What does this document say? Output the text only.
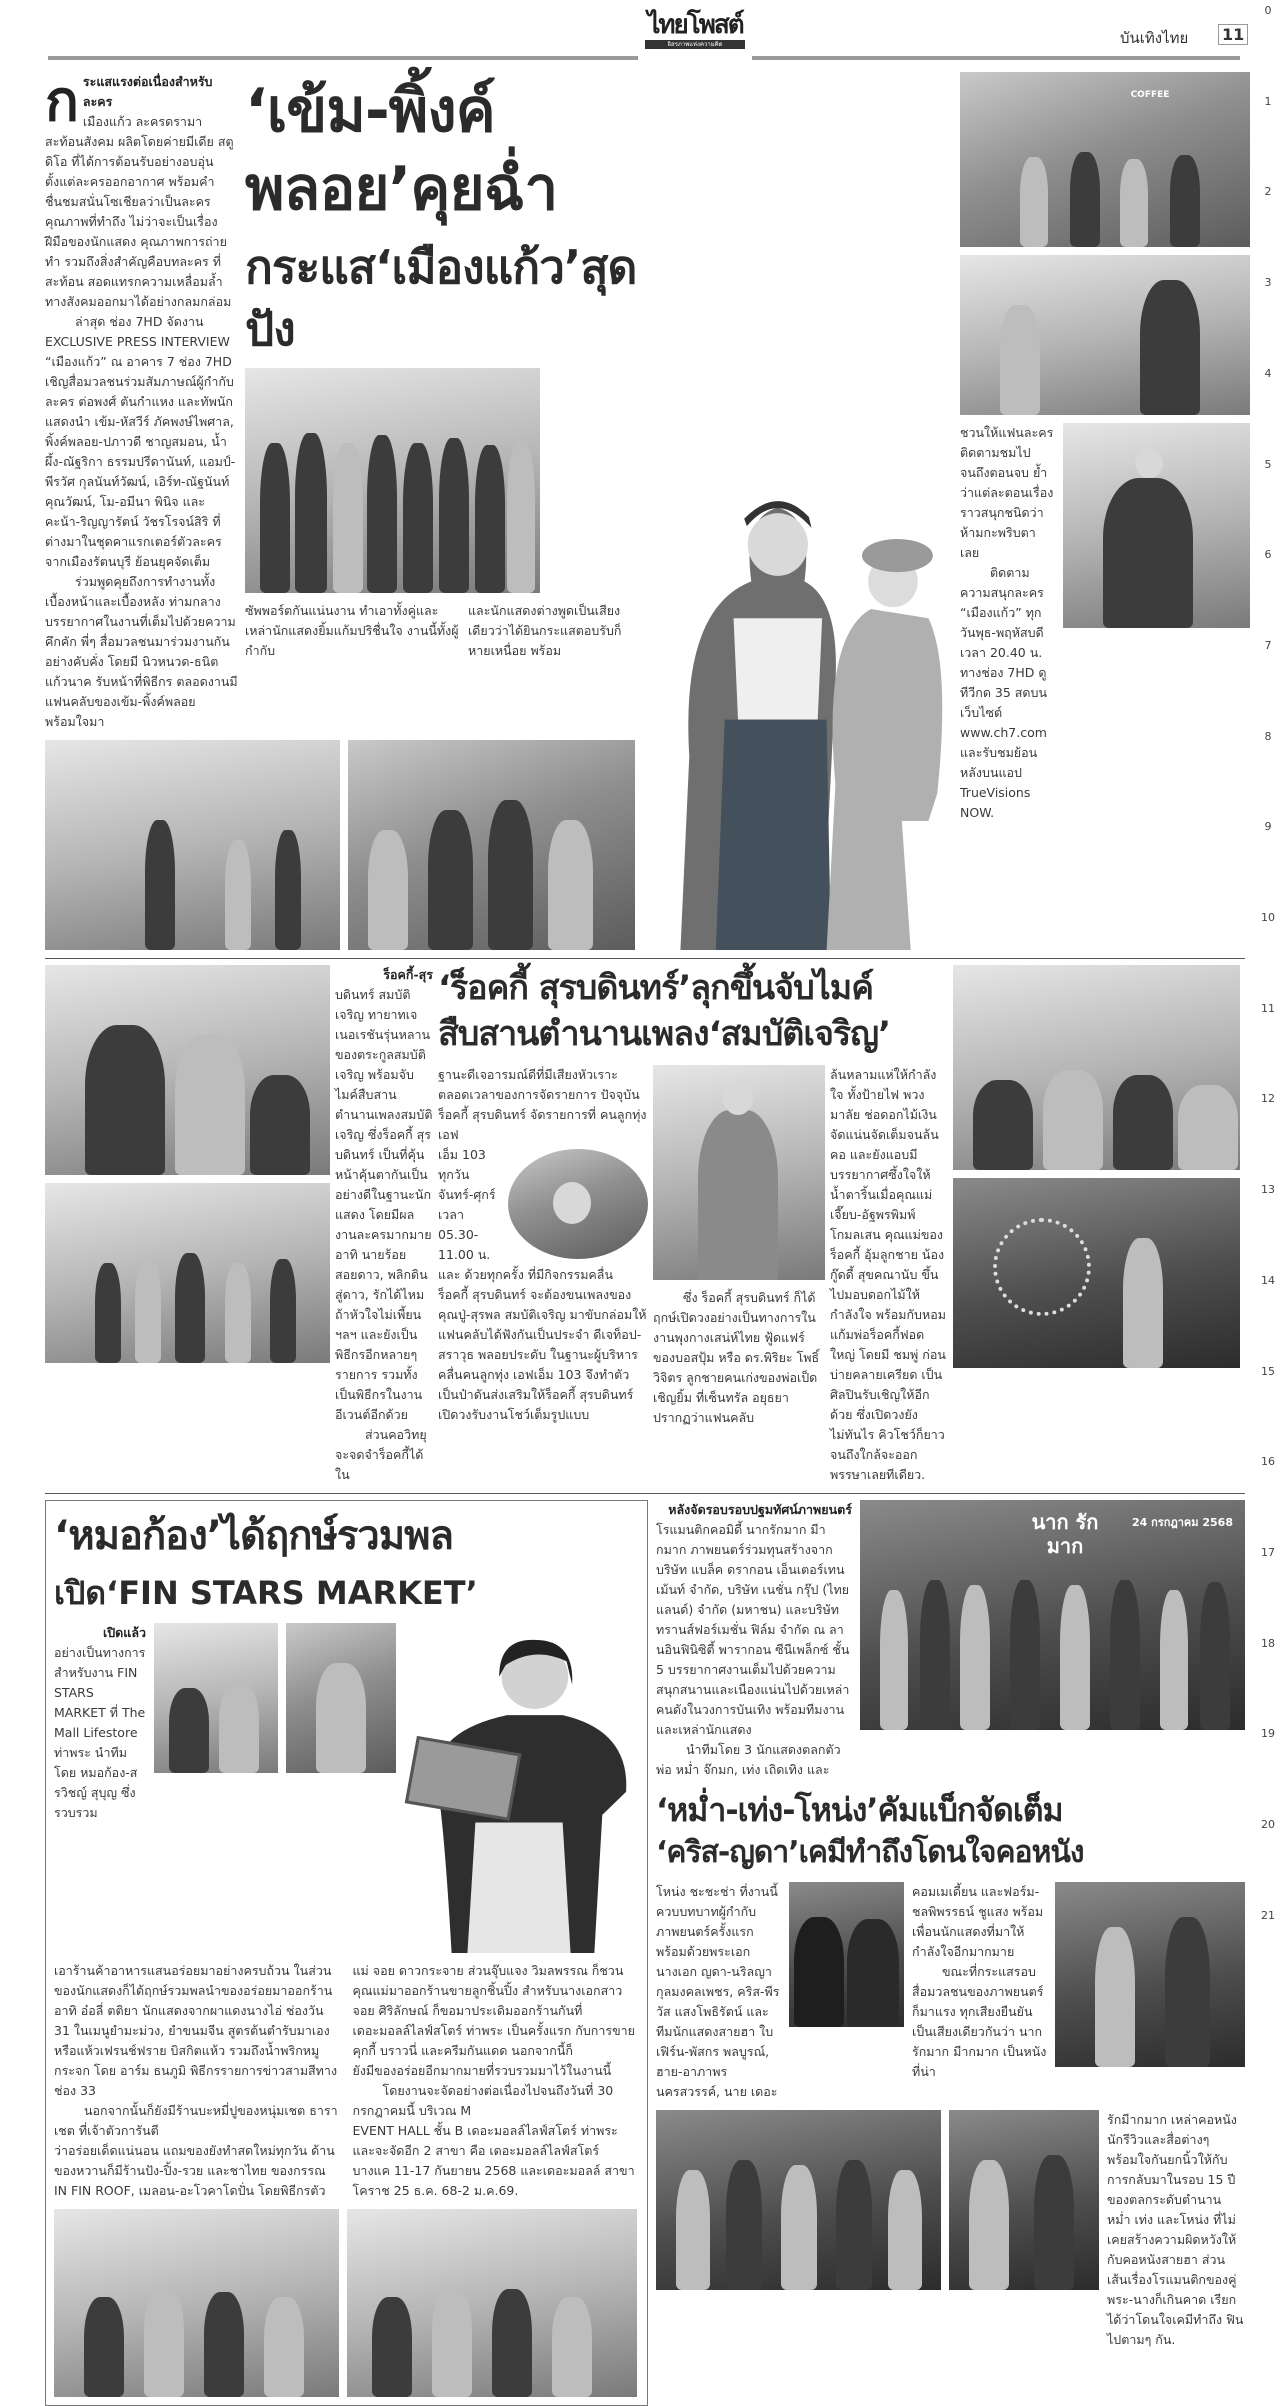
ไทยโพสต์
อิสรภาพแห่งความคิด	บันเทิงไทย 11
0
1
2
3
4
5
6
7
8
9
10
11
12
13
14
15
16
17
18
19
20
21
ก ระแสแรงต่อเนื่องสำหรับละคร

เมืองแก้ว ละครดรามาสะท้อนสังคม ผลิตโดยค่ายมีเดีย สตูดิโอ ที่ได้การต้อนรับอย่างอบอุ่นตั้งแต่ละครออกอากาศ พร้อมคำชื่นชมสนั่นโซเชียลว่าเป็นละครคุณภาพที่ทำถึง ไม่ว่าจะเป็นเรื่องฝีมือของนักแสดง คุณภาพการถ่ายทำ รวมถึงสิ่งสำคัญคือบทละคร ที่สะท้อน สอดแทรกความเหลื่อมล้ำทางสังคมออกมาได้อย่างกลมกล่อม

ล่าสุด ช่อง 7HD จัดงาน EXCLUSIVE PRESS INTERVIEW “เมืองแก้ว” ณ อาคาร 7 ช่อง 7HD เชิญสื่อมวลชนร่วมสัมภาษณ์ผู้กำกับละคร ต่อพงศ์ ตันกำแหง และทัพนักแสดงนำ เข้ม-หัสวีร์ ภัคพงษ์ไพศาล, พิ้งค์พลอย-ปภาวดี ชาญสมอน, น้ำผึ้ง-ณัฐริกา ธรรมปรีดานันท์, แอมป์-พีรวัศ กุลนันท์วัฒน์, เอิร์ท-ณัฐนันท์ คุณวัฒน์, โม-อมีนา พินิจ และคะน้า-ริญญารัตน์ วัชรโรจน์สิริ ที่ต่างมาในชุดคาแรกเตอร์ตัวละครจากเมืองรัตนบุรี ย้อนยุคจัดเต็ม

ร่วมพูดคุยถึงการทำงานทั้งเบื้องหน้าและเบื้องหลัง ท่ามกลางบรรยากาศในงานที่เต็มไปด้วยความคึกคัก พี่ๆ สื่อมวลชนมาร่วมงานกันอย่างคับคั่ง โดยมี นิวหนวด-ธนิต แก้วนาค รับหน้าที่พิธีกร ตลอดงานมีแฟนคลับของเข้ม-พิ้งค์พลอย พร้อมใจมา

‘เข้ม-พิ้งค์พลอย’คุยฉ่ำ
กระแส‘เมืองแก้ว’สุดปัง
ซัพพอร์ตกันแน่นงาน ทำเอาทั้งคู่และเหล่านักแสดงยิ้มแก้มปริชื่นใจ งานนี้ทั้งผู้กำกับ
และนักแสดงต่างพูดเป็นเสียงเดียวว่าได้ยินกระแสตอบรับก็หายเหนื่อย พร้อม
COFFEE

ชวนให้แฟนละครติดตามชมไปจนถึงตอนจบ ย้ำว่าแต่ละตอนเรื่องราวสนุกชนิดว่าห้ามกะพริบตาเลย

ติดตามความสนุกละคร “เมืองแก้ว” ทุกวันพุธ-พฤหัสบดี เวลา 20.40 น. ทางช่อง 7HD ดูทีวีกด 35 สดบนเว็บไซต์ www.ch7.com และรับชมย้อนหลังบนแอป TrueVisions NOW.

ร็อคกี้-สุร

บดินทร์ สมบัติเจริญ ทายาทเจเนอเรชันรุ่นหลานของตระกูลสมบัติเจริญ พร้อมจับไมค์สืบสานตำนานเพลงสมบัติเจริญ ซึ่งร็อคกี้ สุรบดินทร์ เป็นที่คุ้นหน้าคุ้นตากันเป็นอย่างดีในฐานะนักแสดง โดยมีผลงานละครมากมาย อาทิ นายร้อยสอยดาว, พลิกดินสู่ดาว, รักได้ไหมถ้าหัวใจไม่เพี้ยน ฯลฯ และยังเป็นพิธีกรอีกหลายๆ รายการ รวมทั้งเป็นพิธีกรในงานอีเวนต์อีกด้วย

ส่วนคอวิทยุจะจดจำร็อคกี้ได้ใน

‘ร็อคกี้ สุรบดินทร์’ลุกขึ้นจับไมค์
สืบสานตำนานเพลง‘สมบัติเจริญ’

ฐานะดีเจอารมณ์ดีที่มีเสียงหัวเราะตลอดเวลาของการจัดรายการ ปัจจุบัน ร็อคกี้ สุรบดินทร์ จัดรายการที่ คนลูกทุ่ง เอฟ

เอ็ม 103 ทุกวัน จันทร์-ศุกร์ เวลา 05.30- 11.00 น. และ ด้วยทุกครั้ง ที่มีกิจกรรมคลื่น

ร็อคกี้ สุรบดินทร์ จะต้องขนเพลงของคุณปู่-สุรพล สมบัติเจริญ มาขับกล่อมให้แฟนคลับได้ฟังกันเป็นประจำ ดีเจท็อป-สราวุธ พลอยประดับ ในฐานะผู้บริหารคลื่นคนลูกทุ่ง เอฟเอ็ม 103 จึงทำตัวเป็นป๋าดันส่งเสริมให้ร็อคกี้ สุรบดินทร์ เปิดวงรับงานโชว์เต็มรูปแบบ

ซึ่ง ร็อคกี้ สุรบดินทร์ ก็ได้ฤกษ์เปิดวงอย่างเป็นทางการในงานพุงกางเสน่ห์ไทย ฟู้ดแฟร์ ของบอสปุ้ม หรือ ดร.พิริยะ โพธิ์วิจิตร ลูกชายคนเก่งของพ่อเป็ด เชิญยิ้ม ที่เซ็นทรัล อยุธยา ปรากฏว่าแฟนคลับ

ล้นหลามแห่ให้กำลังใจ ทั้งป้ายไฟ พวงมาลัย ช่อดอกไม้เงิน จัดแน่นจัดเต็มจนล้นคอ และยังแอบมีบรรยากาศซึ้งใจให้น้ำตาริ้นเมื่อคุณแม่เจี๊ยบ-อัฐพรพิมพ์ โกมลเสน คุณแม่ของร็อคกี้ อุ้มลูกชาย น้องกู๊ดดี้ สุขคณานับ ขึ้นไปมอบดอกไม้ให้กำลังใจ พร้อมกับหอมแก้มพ่อร็อคกี้ฟอดใหญ่ โดยมี ชมพู่ ก่อนบ่ายคลายเครียด เป็นศิลปินรับเชิญให้อีกด้วย ซึ่งเปิดวงยังไม่ทันไร คิวโชว์ก็ยาวจนถึงใกล้จะออกพรรษาเลยทีเดียว.
‘หมอก้อง’ได้ฤกษ์รวมพล
เปิด‘FIN STARS MARKET’

เปิดแล้ว

อย่างเป็นทางการสำหรับงาน FIN STARS MARKET ที่ The Mall Lifestore ท่าพระ นำทีมโดย หมอก้อง-สรวิชญ์ สุบุญ ซึ่งรวบรวม

เอาร้านค้าอาหารแสนอร่อยมาอย่างครบถ้วน ในส่วนของนักแสดงก็ได้ฤกษ์รวมพลนำของอร่อยมาออกร้าน อาทิ อ๋อลี่ ตติยา นักแสดงจากผาแดงนางไอ่ ช่องวัน 31 ในเมนูยำมะม่วง, ยำขนมจีน สูตรต้นตำรับมาเอง หรือแห้วเฟรนช์ฟราย บิสกิตแห้ว รวมถึงน้ำพริกหมูกระจก โดย อาร์ม ธนภูมิ พิธีกรรายการข่าวสามสีทางช่อง 33

นอกจากนั้นก็ยังมีร้านบะหมี่ปูของหนุ่มเชต ธาราเชต ที่เจ้าตัวการันตี

ว่าอร่อยเด็ดแน่นอน แถมของยังทำสดใหม่ทุกวัน ด้านของหวานก็มีร้านปัง-ปิ้ง-รวย และชาไทย ของกรรณ IN FIN ROOF, เมลอน-อะโวคาโดปั่น โดยพิธีกรตัวแม่ จอย ดาวกระจาย ส่วนจุ๊บแจง วิมลพรรณ ก็ชวนคุณแม่มาออกร้านขายลูกชิ้นปิ้ง สำหรับนางเอกสาว จอย ศิริลักษณ์ ก็ขอมาประเดิมออกร้านกันที่เดอะมอลล์ไลฟ์สโตร์ ท่าพระ เป็นครั้งแรก กับการขายคุกกี้ บราวนี่ และครีมกันแดด นอกจากนี้ก็

ยังมีของอร่อยอีกมากมายที่รวบรวมมาไว้ในงานนี้

โดยงานจะจัดอย่างต่อเนื่องไปจนถึงวันที่ 30 กรกฎาคมนี้ บริเวณ M

EVENT HALL ชั้น B เดอะมอลล์ไลฟ์สโตร์ ท่าพระ และจะจัดอีก 2 สาขา คือ เดอะมอลล์ไลฟ์สโตร์ บางแค 11-17 กันยายน 2568 และเดอะมอลล์ สาขาโคราช 25 ธ.ค. 68-2 ม.ค.69.

หลังจัดรอบรอบปฐมทัศน์ภาพยนตร์

โรแมนติกคอมิดี้ นากรักมาก มีากมาก ภาพยนตร์ร่วมทุนสร้างจากบริษัท แบล็ค ดรากอน เอ็นเตอร์เทนเม้นท์ จำกัด, บริษัท เนชั่น กรุ๊ป (ไทยแลนด์) จำกัด (มหาชน) และบริษัท ทรานส์ฟอร์เมชั่น ฟิล์ม จำกัด ณ ลานอินฟินิซิตี้ พารากอน ซีนีเพล็กซ์ ชั้น 5 บรรยากาศงานเต็มไปด้วยความสนุกสนานและเนืองแน่นไปด้วยเหล่าคนดังในวงการบันเทิง พร้อมทีมงานและเหล่านักแสดง

นำทีมโดย 3 นักแสดงตลกตัวพ่อ หม่ำ จ๊กมก, เท่ง เถิดเทิง และ

นาก รัก มาก
24 กรกฎาคม 2568
‘หม่ำ-เท่ง-โหน่ง’คัมแบ็กจัดเต็ม
‘คริส-ญดา’เคมีทำถึงโดนใจคอหนัง
โหน่ง ชะชะช่า ที่งานนี้ควบบทบาทผู้กำกับภาพยนตร์ครั้งแรก พร้อมด้วยพระเอกนางเอก ญดา-นริลญา กุลมงคลเพชร, คริส-พีรวัส แสงโพธิรัตน์ และทีมนักแสดงสายฮา ใบเฟิร์น-พัสกร พลบูรณ์, ฮาย-อาภาพร นครสวรรค์, นาย เดอะ

คอมเมเดี้ยน และฟอร์ม-ชลพิพรรธน์ ชูแสง พร้อมเพื่อนนักแสดงที่มาให้กำลังใจอีกมากมาย

ขณะที่กระแสรอบสื่อมวลชนของภาพยนตร์ก็มาแรง ทุกเสียงยืนยันเป็นเสียงเดียวกันว่า นากรักมาก มีากมาก เป็นหนังที่น่า

รักมีากมาก เหล่าคอหนังนักรีวิวและสื่อต่างๆ พร้อมใจกันยกนิ้วให้กับการกลับมาในรอบ 15 ปีของตลกระดับตำนาน หม่ำ เท่ง และโหน่ง ที่ไม่เคยสร้างความผิดหวังให้กับคอหนังสายฮา ส่วนเส้นเรื่องโรแมนติกของคู่พระ-นางก็เกินคาด เรียกได้ว่าโดนใจเคมีทำถึง ฟินไปตามๆ กัน.
